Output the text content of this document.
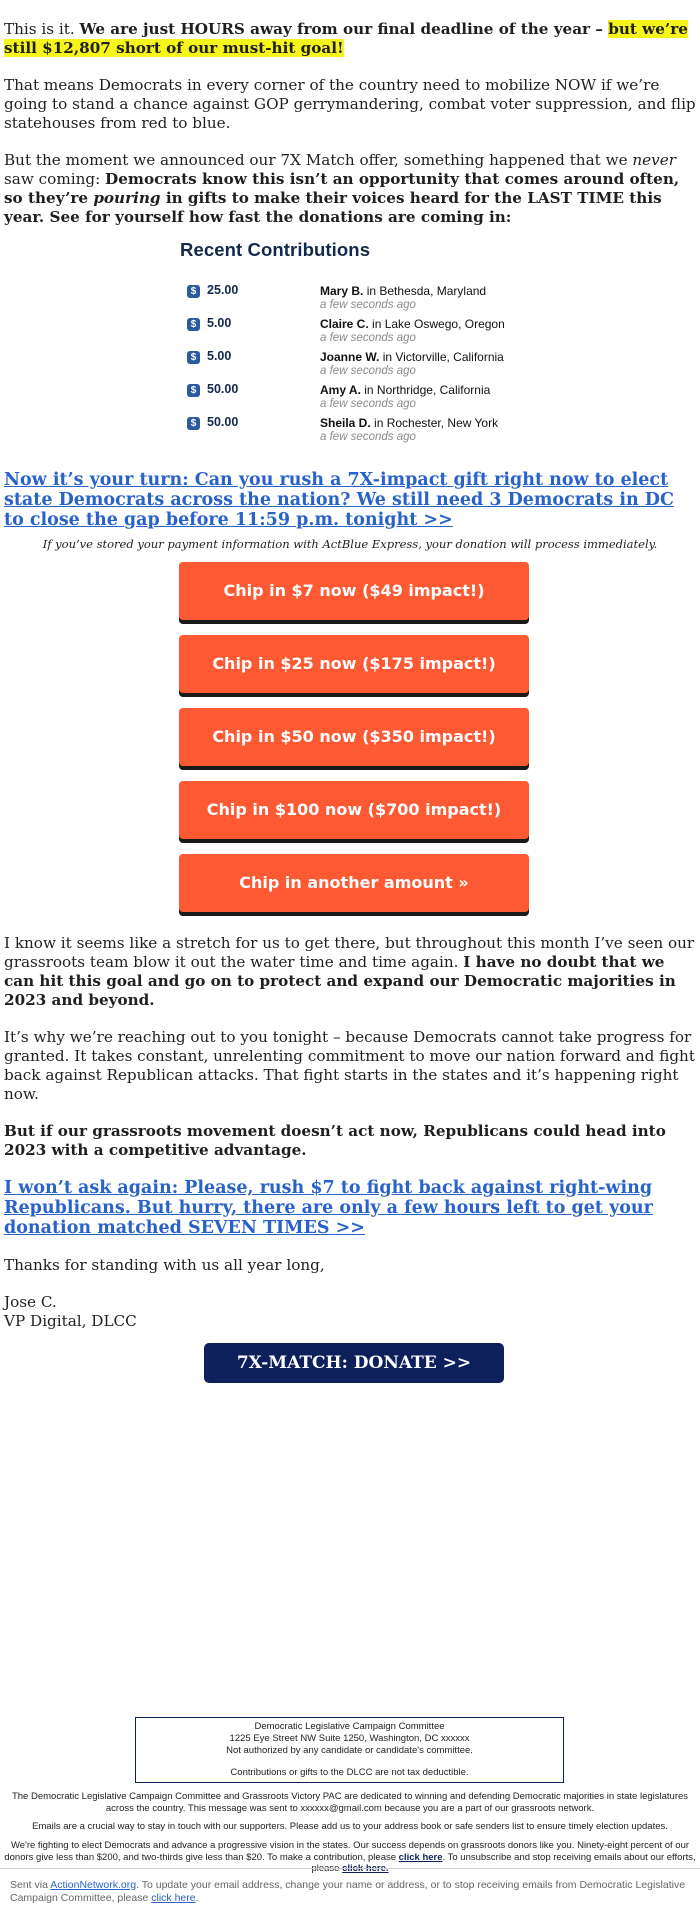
This is it. We are just HOURS away from our final deadline of the year – but we’re still $12,807 short of our must-hit goal!

That means Democrats in every corner of the country need to mobilize NOW if we’re going to stand a chance against GOP gerrymandering, combat voter suppression, and flip statehouses from red to blue.

But the moment we announced our 7X Match offer, something happened that we never saw coming: Democrats know this isn’t an opportunity that comes around often, so they’re pouring in gifts to make their voices heard for the LAST TIME this year. See for yourself how fast the donations are coming in:

Recent Contributions
$ 25.00	Mary B. in Bethesda, Maryland
a few seconds ago
$ 5.00	Claire C. in Lake Oswego, Oregon
a few seconds ago
$ 5.00	Joanne W. in Victorville, California
a few seconds ago
$ 50.00	Amy A. in Northridge, California
a few seconds ago
$ 50.00	Sheila D. in Rochester, New York
a few seconds ago
Now it’s your turn: Can you rush a 7X-impact gift right now to elect state Democrats across the nation? We still need 3 Democrats in DC to close the gap before 11:59 p.m. tonight >>
If you’ve stored your payment information with ActBlue Express, your donation will process immediately.
Chip in $7 now ($49 impact!)
Chip in $25 now ($175 impact!)
Chip in $50 now ($350 impact!)
Chip in $100 now ($700 impact!)
Chip in another amount »

I know it seems like a stretch for us to get there, but throughout this month I’ve seen our grassroots team blow it out the water time and time again. I have no doubt that we can hit this goal and go on to protect and expand our Democratic majorities in 2023 and beyond.

It’s why we’re reaching out to you tonight – because Democrats cannot take progress for granted. It takes constant, unrelenting commitment to move our nation forward and fight back against Republican attacks. That fight starts in the states and it’s happening right now.

But if our grassroots movement doesn’t act now, Republicans could head into 2023 with a competitive advantage.

I won’t ask again: Please, rush $7 to fight back against right-wing Republicans. But hurry, there are only a few hours left to get your donation matched SEVEN TIMES >>

Thanks for standing with us all year long,

Jose C.
VP Digital, DLCC
7X-MATCH: DONATE >>
Democratic Legislative Campaign Committee
1225 Eye Street NW Suite 1250, Washington, DC xxxxxx
Not authorized by any candidate or candidate's committee.
Contributions or gifts to the DLCC are not tax deductible.
The Democratic Legislative Campaign Committee and Grassroots Victory PAC are dedicated to winning and defending Democratic majorities in state legislatures across the country. This message was sent to xxxxxx@gmail.com because you are a part of our grassroots network.
Emails are a crucial way to stay in touch with our supporters. Please add us to your address book or safe senders list to ensure timely election updates.
We're fighting to elect Democrats and advance a progressive vision in the states. Our success depends on grassroots donors like you. Ninety-eight percent of our donors give less than $200, and two-thirds give less than $20. To make a contribution, please click here. To unsubscribe and stop receiving emails about our efforts,
Sent via ActionNetwork.org. To update your email address, change your name or address, or to stop receiving emails from Democratic Legislative Campaign Committee, please click here.
